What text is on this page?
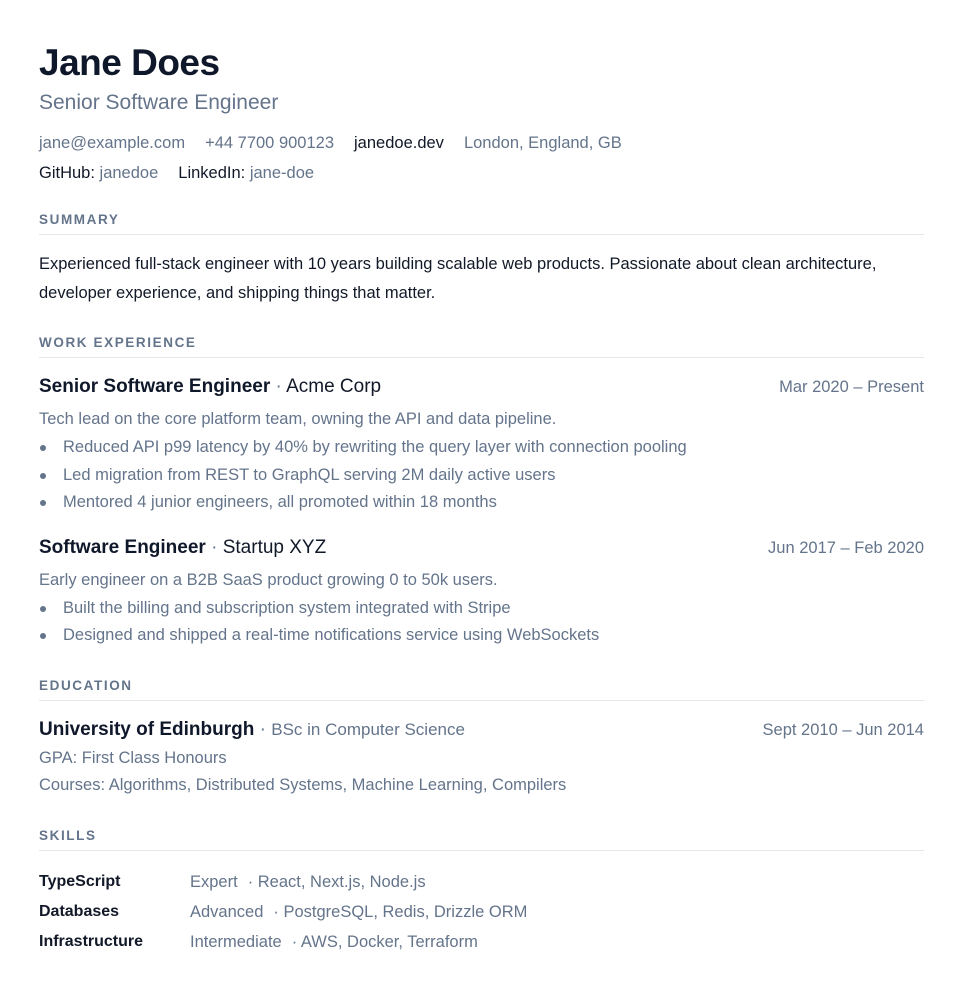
Jane Does
Senior Software Engineer
jane@example.com +44 7700 900123 janedoe.dev London, England, GB
GitHub: janedoe LinkedIn: jane-doe
SUMMARY
Experienced full-stack engineer with 10 years building scalable web products. Passionate about clean architecture, developer experience, and shipping things that matter.
WORK EXPERIENCE
Senior Software Engineer · Acme Corp	Mar 2020 – Present
Tech lead on the core platform team, owning the API and data pipeline.
Reduced API p99 latency by 40% by rewriting the query layer with connection pooling
Led migration from REST to GraphQL serving 2M daily active users
Mentored 4 junior engineers, all promoted within 18 months
Software Engineer · Startup XYZ	Jun 2017 – Feb 2020
Early engineer on a B2B SaaS product growing 0 to 50k users.
Built the billing and subscription system integrated with Stripe
Designed and shipped a real-time notifications service using WebSockets
EDUCATION
University of Edinburgh · BSc in Computer Science	Sept 2010 – Jun 2014
GPA: First Class Honours
Courses: Algorithms, Distributed Systems, Machine Learning, Compilers
SKILLS
TypeScript	Expert · React, Next.js, Node.js
Databases	Advanced · PostgreSQL, Redis, Drizzle ORM
Infrastructure	Intermediate · AWS, Docker, Terraform
